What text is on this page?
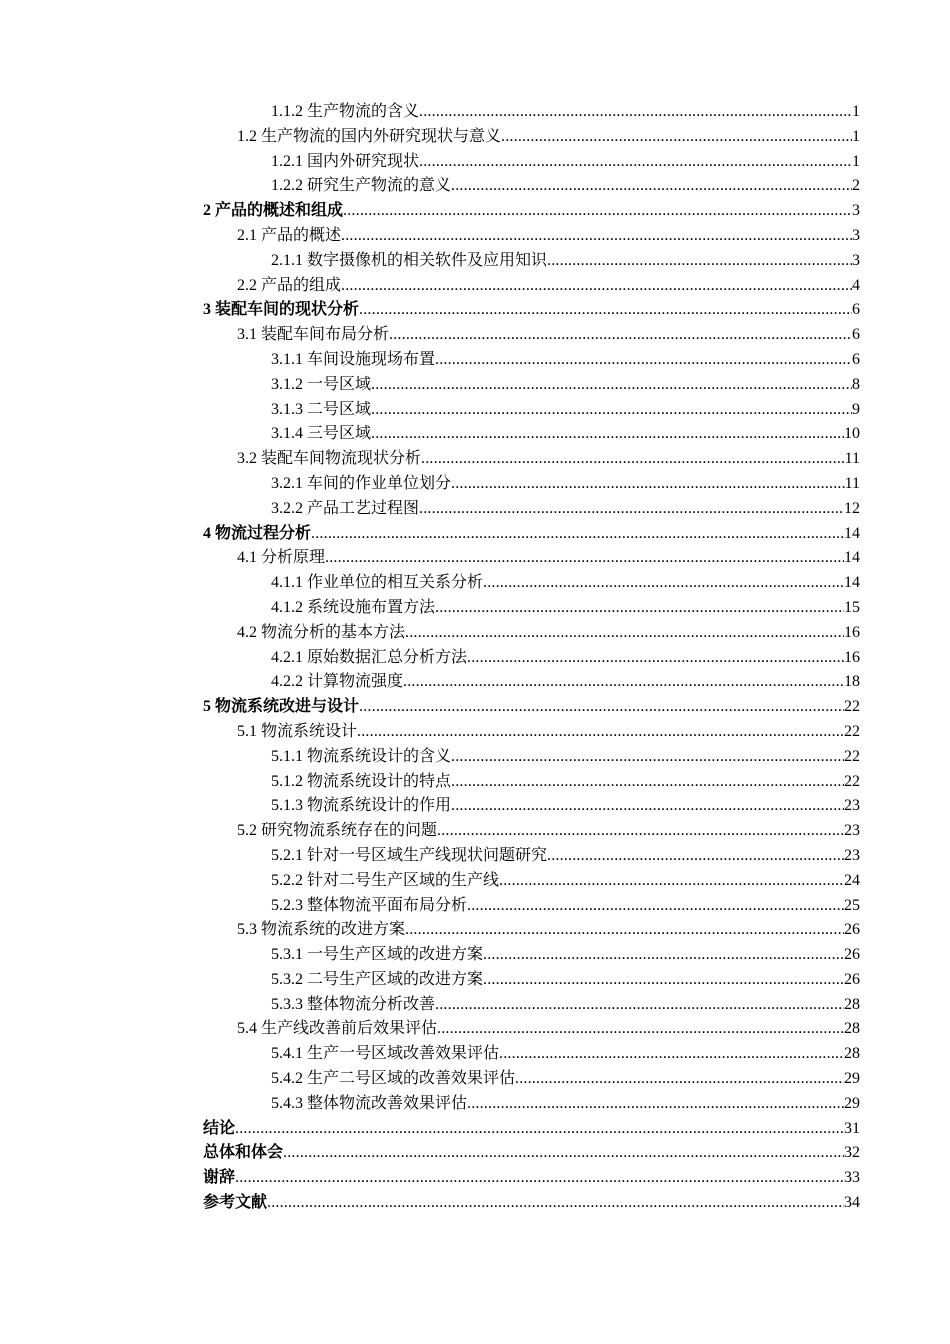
1.1.2 生产物流的含义 .....	1
1.2 生产物流的国内外研究现状与意义 .....	1
1.2.1 国内外研究现状 .....	1
1.2.2 研究生产物流的意义 .....	2
2 产品的概述和组成 .....	3
2.1 产品的概述 .....	3
2.1.1 数字摄像机的相关软件及应用知识 .....	3
2.2 产品的组成 .....	4
3 装配车间的现状分析 .....	6
3.1 装配车间布局分析 .....	6
3.1.1 车间设施现场布置 .....	6
3.1.2 一号区域 .....	8
3.1.3 二号区域 .....	9
3.1.4 三号区域 .....	10
3.2 装配车间物流现状分析 .....	11
3.2.1 车间的作业单位划分 .....	11
3.2.2 产品工艺过程图 .....	12
4 物流过程分析 .....	14
4.1 分析原理 .....	14
4.1.1 作业单位的相互关系分析 .....	14
4.1.2 系统设施布置方法 .....	15
4.2 物流分析的基本方法 .....	16
4.2.1 原始数据汇总分析方法 .....	16
4.2.2 计算物流强度 .....	18
5 物流系统改进与设计 .....	22
5.1 物流系统设计 .....	22
5.1.1 物流系统设计的含义 .....	22
5.1.2 物流系统设计的特点 .....	22
5.1.3 物流系统设计的作用 .....	23
5.2 研究物流系统存在的问题 .....	23
5.2.1 针对一号区域生产线现状问题研究 .....	23
5.2.2 针对二号生产区域的生产线 .....	24
5.2.3 整体物流平面布局分析 .....	25
5.3 物流系统的改进方案 .....	26
5.3.1 一号生产区域的改进方案 .....	26
5.3.2 二号生产区域的改进方案 .....	26
5.3.3 整体物流分析改善 .....	28
5.4 生产线改善前后效果评估 .....	28
5.4.1 生产一号区域改善效果评估 .....	28
5.4.2 生产二号区域的改善效果评估 .....	29
5.4.3 整体物流改善效果评估 .....	29
结论 .....	31
总体和体会 .....	32
谢辞 .....	33
参考文献 .....	34
